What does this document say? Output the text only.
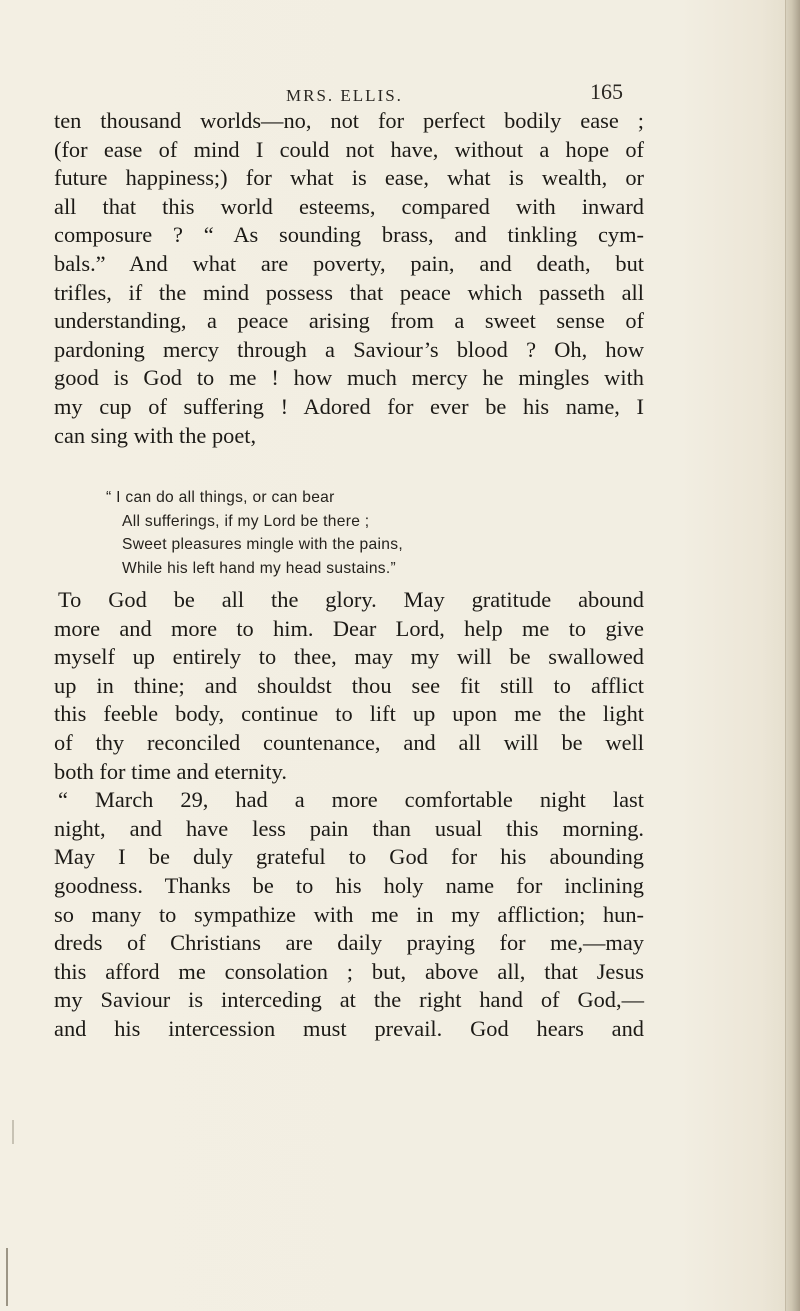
MRS. ELLIS.	165
ten thousand worlds—no, not for perfect bodily ease ;
(for ease of mind I could not have, without a hope of
future happiness;) for what is ease, what is wealth, or
all that this world esteems, compared with inward
composure ? “ As sounding brass, and tinkling cym-
bals.” And what are poverty, pain, and death, but
trifles, if the mind possess that peace which passeth all
understanding, a peace arising from a sweet sense of
pardoning mercy through a Saviour’s blood ? Oh, how
good is God to me ! how much mercy he mingles with
my cup of suffering ! Adored for ever be his name, I
can sing with the poet,
“ I can do all things, or can bear
All sufferings, if my Lord be there ;
Sweet pleasures mingle with the pains,
While his left hand my head sustains.”
To God be all the glory. May gratitude abound
more and more to him. Dear Lord, help me to give
myself up entirely to thee, may my will be swallowed
up in thine; and shouldst thou see fit still to afflict
this feeble body, continue to lift up upon me the light
of thy reconciled countenance, and all will be well
both for time and eternity.
“ March 29, had a more comfortable night last
night, and have less pain than usual this morning.
May I be duly grateful to God for his abounding
goodness. Thanks be to his holy name for inclining
so many to sympathize with me in my affliction; hun-
dreds of Christians are daily praying for me,—may
this afford me consolation ; but, above all, that Jesus
my Saviour is interceding at the right hand of God,—
and his intercession must prevail. God hears and
